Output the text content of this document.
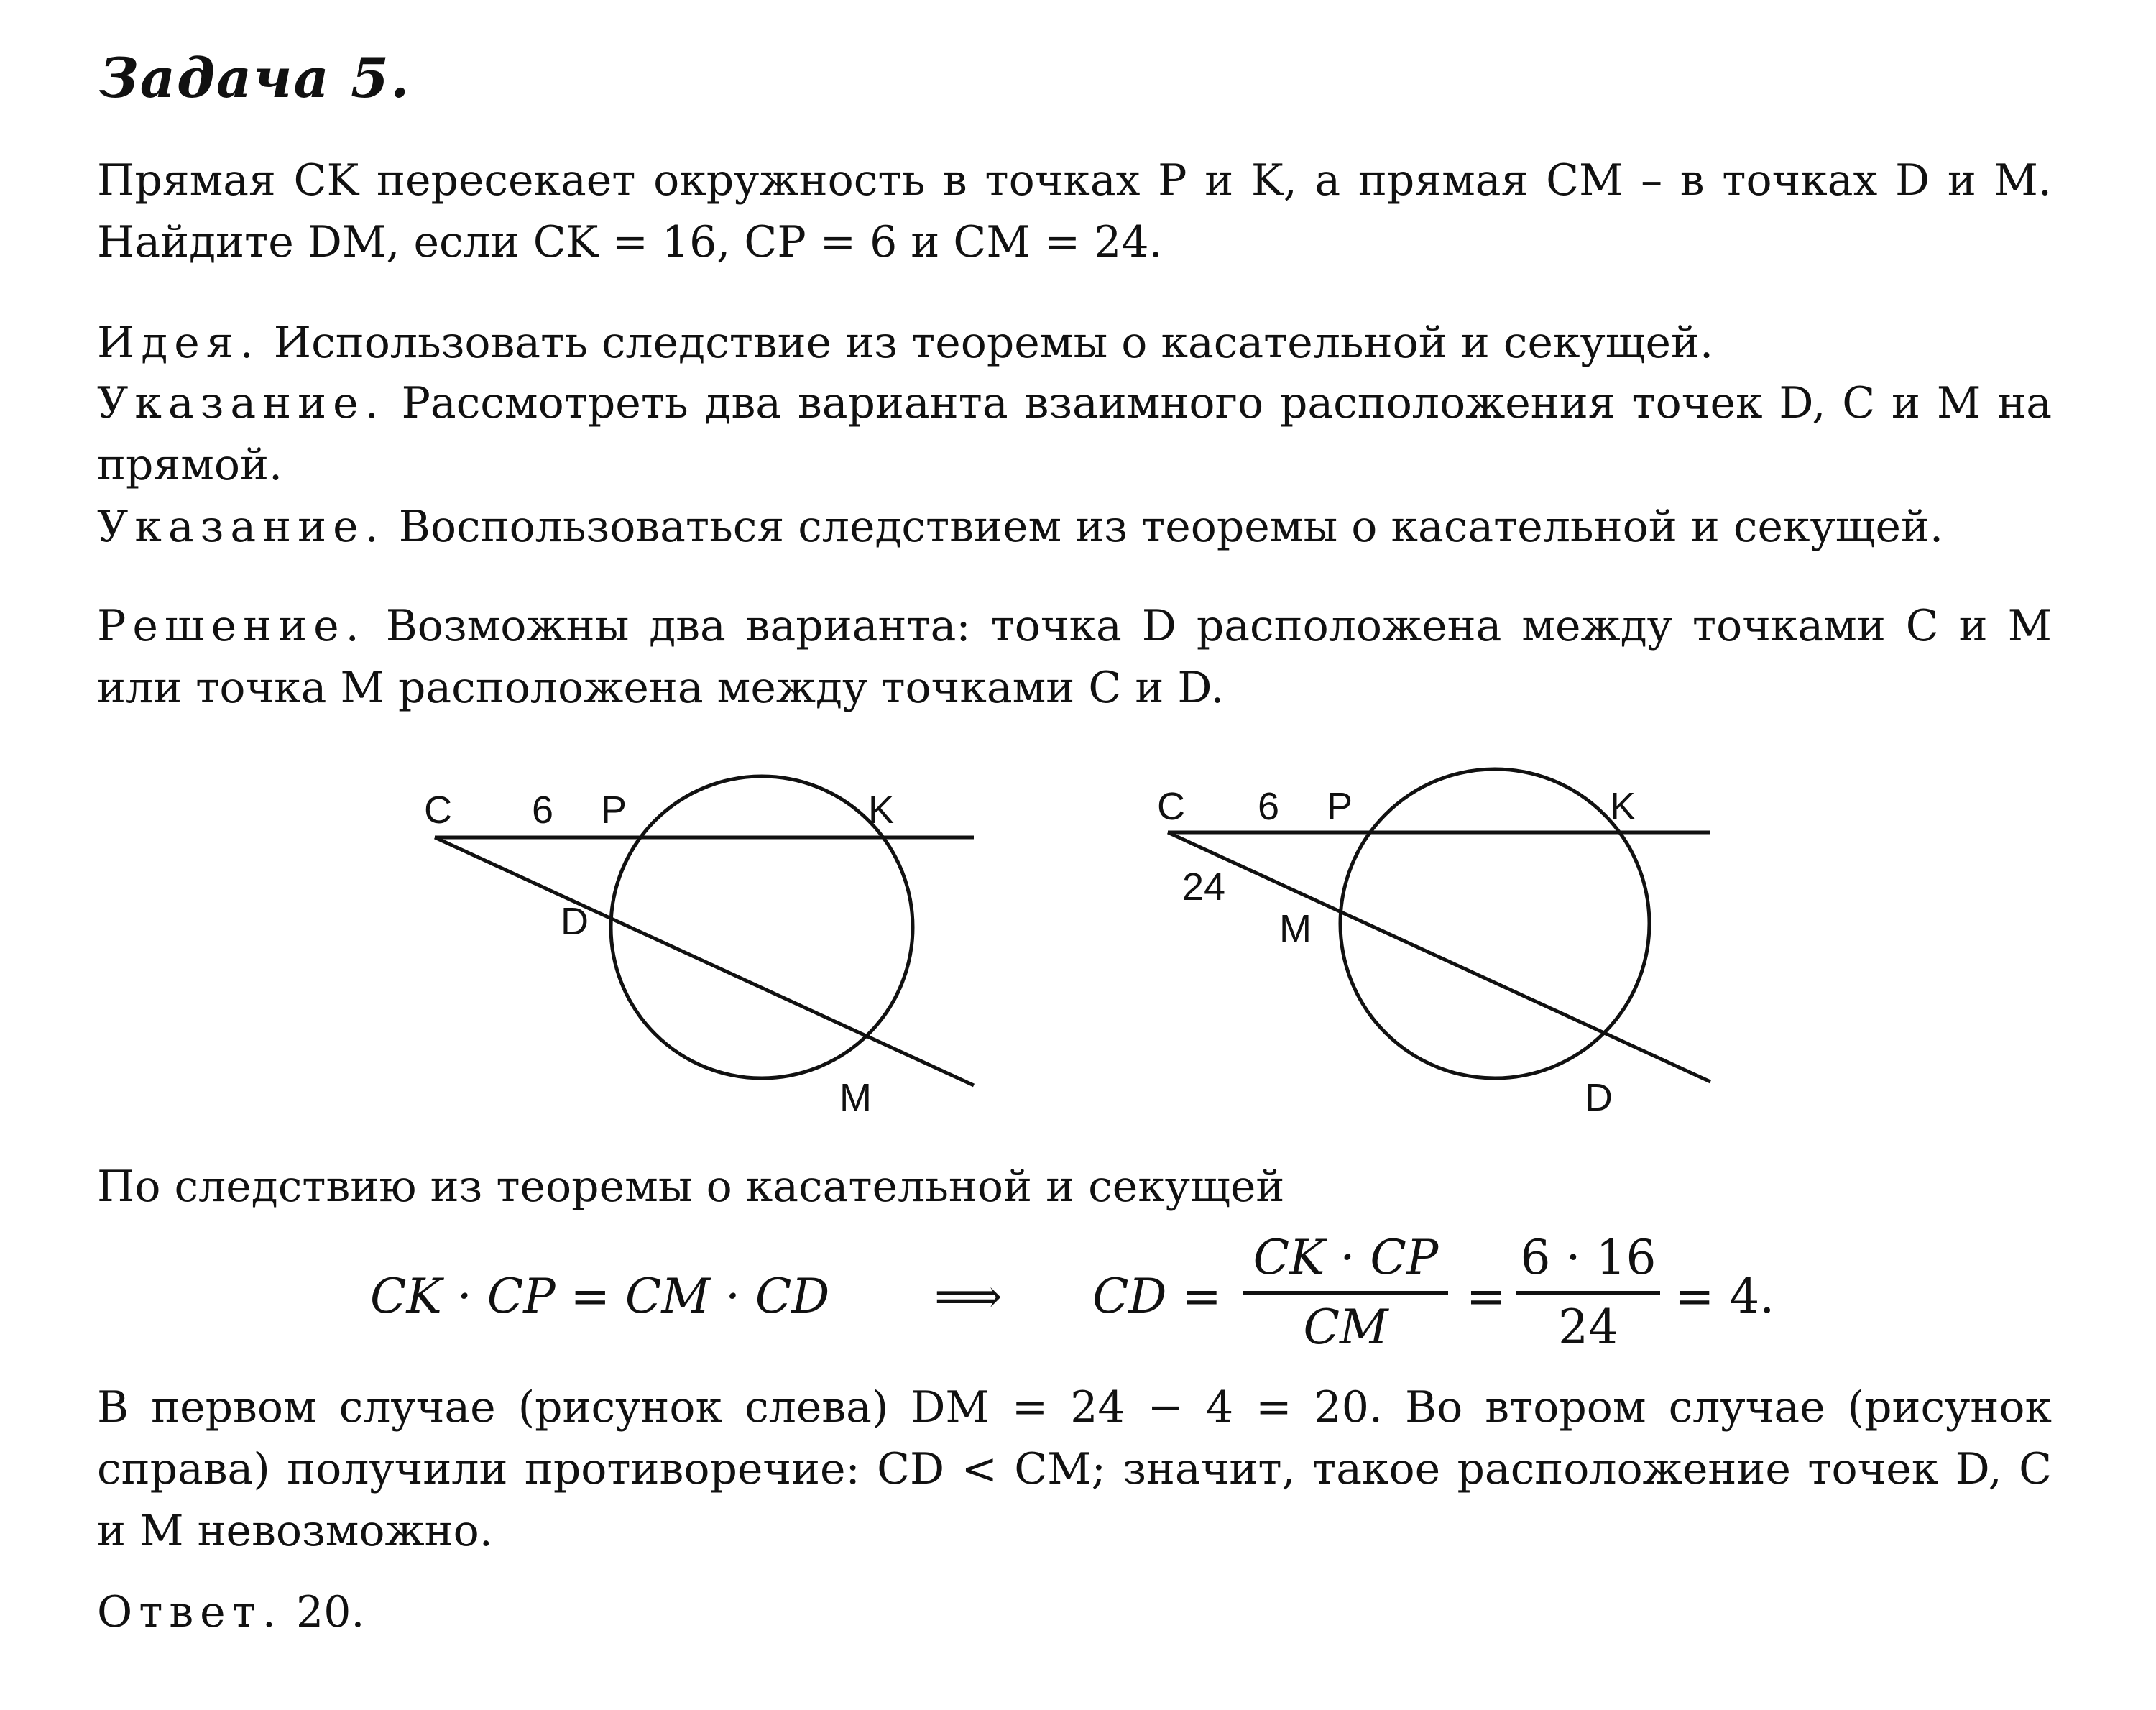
Задача 5.
Прямая CK пересекает окружность в точках P и K, а прямая CM – в точках D и M. Найдите DM, если CK = 16, CP = 6 и CM = 24.
Идея. Использовать следствие из теоремы о касательной и секущей.
Указание. Рассмотреть два варианта взаимного расположения точек D, C и M на прямой.
Указание. Воспользоваться следствием из теоремы о касательной и секущей.
Решение. Возможны два варианта: точка D расположена между точками C и M или точка M расположена между точками C и D.
C 6 P	K
D
M
C 6 P	K
24
M
D
По следствию из теоремы о касательной и секущей
CK · CP = CM · CD ⟹ CD =
CK · CP
CM
=
6 · 16
24
= 4.
В первом случае (рисунок слева) DM = 24 − 4 = 20. Во втором случае (рисунок справа) получили противоречие: CD < CM; значит, такое расположение точек D, C и M невозможно.
Ответ. 20.
